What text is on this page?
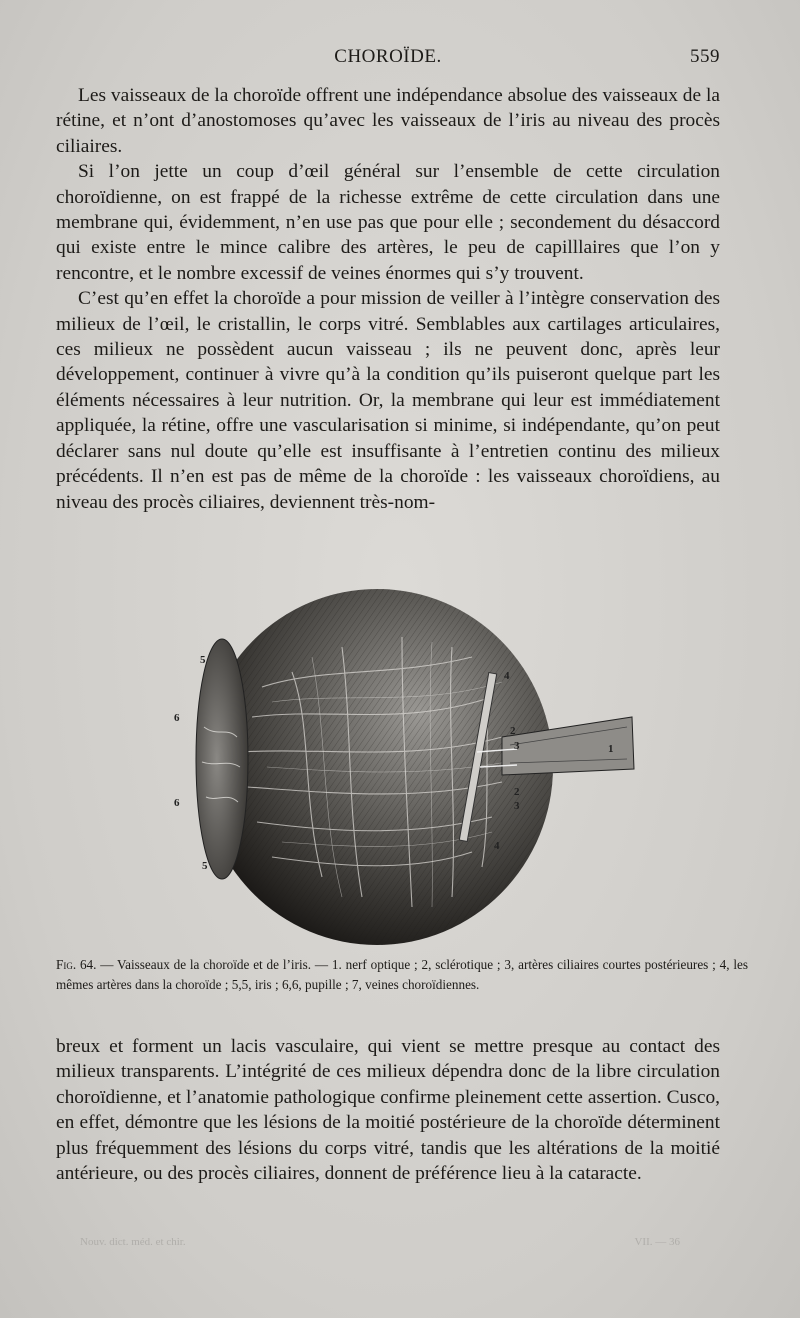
CHOROÏDE.	559

Les vaisseaux de la choroïde offrent une indépendance absolue des vaisseaux de la rétine, et n’ont d’anostomoses qu’avec les vaisseaux de l’iris au niveau des procès ciliaires.

Si l’on jette un coup d’œil général sur l’ensemble de cette circulation choroïdienne, on est frappé de la richesse extrême de cette circulation dans une membrane qui, évidemment, n’en use pas que pour elle ; secondement du désaccord qui existe entre le mince calibre des artères, le peu de capilllaires que l’on y rencontre, et le nombre excessif de veines énormes qui s’y trouvent.

C’est qu’en effet la choroïde a pour mission de veiller à l’intègre conservation des milieux de l’œil, le cristallin, le corps vitré. Semblables aux cartilages articulaires, ces milieux ne possèdent aucun vaisseau ; ils ne peuvent donc, après leur développement, continuer à vivre qu’à la condition qu’ils puiseront quelque part les éléments nécessaires à leur nutrition. Or, la membrane qui leur est immédiatement appliquée, la rétine, offre une vascularisation si minime, si indépendante, qu’on peut déclarer sans nul doute qu’elle est insuffisante à l’entretien continu des milieux précédents. Il n’en est pas de même de la choroïde : les vaisseaux choroïdiens, au niveau des procès ciliaires, deviennent très-nom-

5
6
6
5
4
2
3
2
3
4
1
Fig. 64. — Vaisseaux de la choroïde et de l’iris. — 1. nerf optique ; 2, sclérotique ; 3, artères ciliaires courtes postérieures ; 4, les mêmes artères dans la choroïde ; 5,5, iris ; 6,6, pupille ; 7, veines choroïdiennes.

breux et forment un lacis vasculaire, qui vient se mettre presque au contact des milieux transparents. L’intégrité de ces milieux dépendra donc de la libre circulation choroïdienne, et l’anatomie pathologique confirme pleinement cette assertion. Cusco, en effet, démontre que les lésions de la moitié postérieure de la choroïde déterminent plus fréquemment des lésions du corps vitré, tandis que les altérations de la moitié antérieure, ou des procès ciliaires, donnent de préférence lieu à la cataracte.

Nouv. dict. méd. et chir.	VII. — 36
